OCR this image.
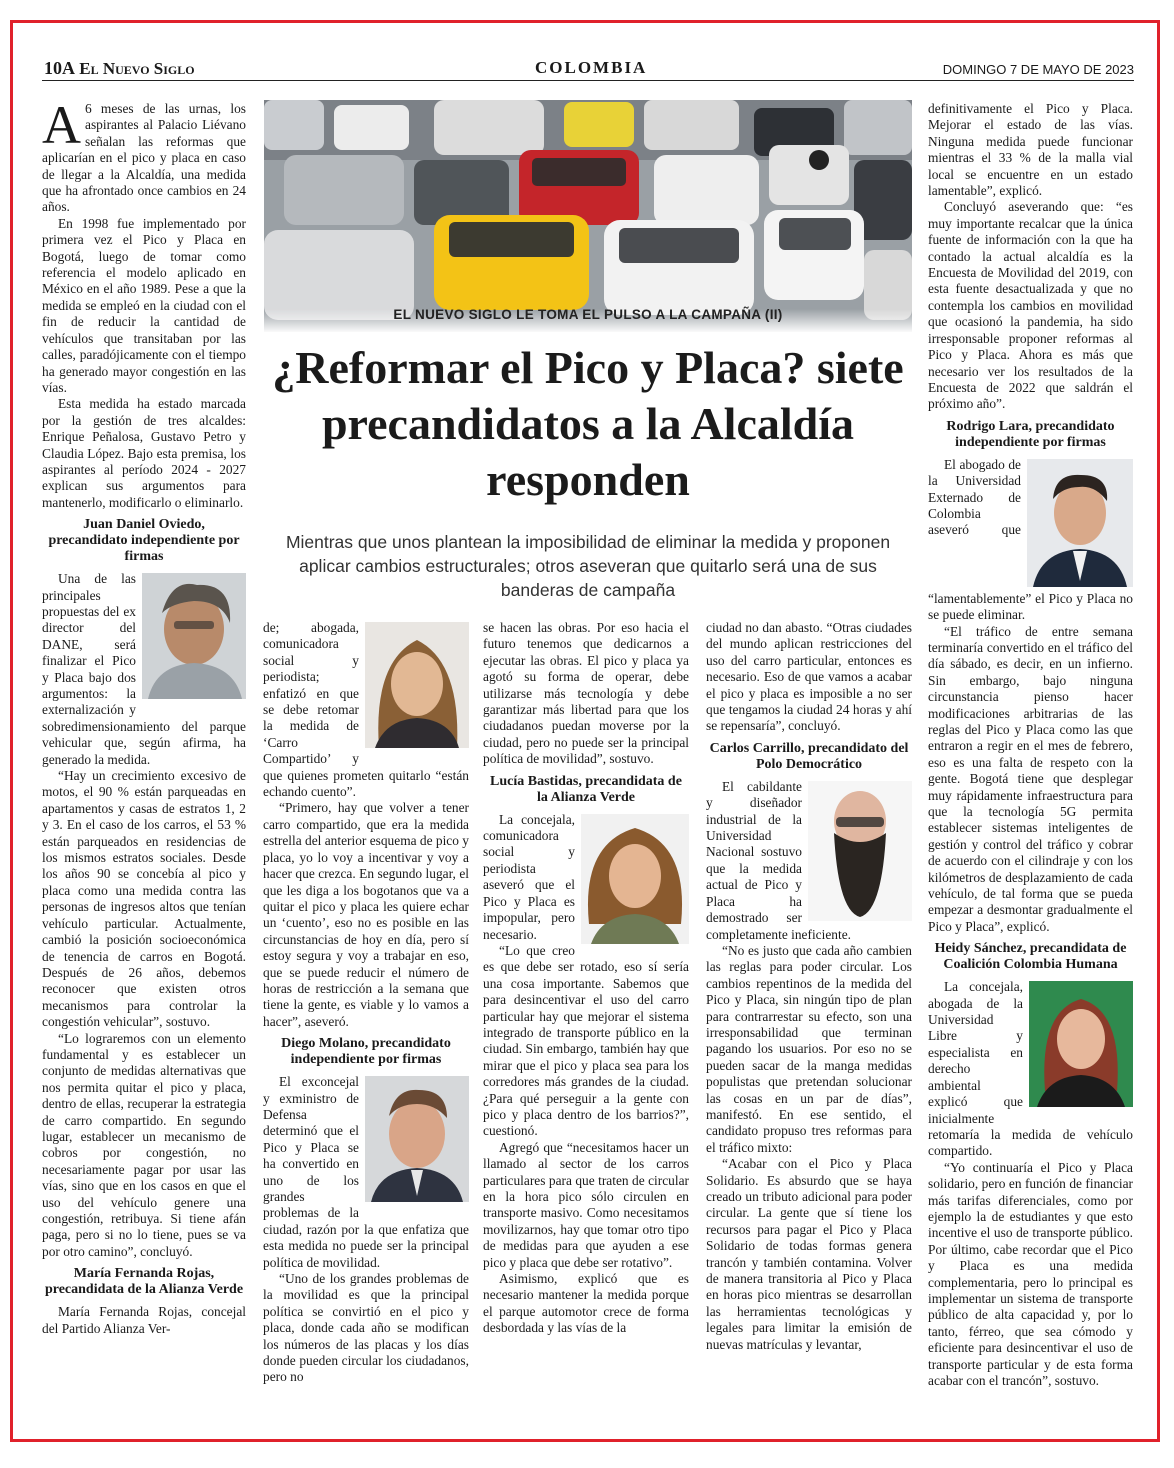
10A El Nuevo Siglo	COLOMBIA	DOMINGO 7 DE MAYO DE 2023
EL NUEVO SIGLO LE TOMA EL PULSO A LA CAMPAÑA (II)
¿Reformar el Pico y Placa? siete precandidatos a la Alcaldía responden
Mientras que unos plantean la imposibilidad de eliminar la medida y proponen aplicar cambios estructurales; otros aseveran que quitarlo será una de sus banderas de campaña
A 6 meses de las urnas, los aspirantes al Palacio Liévano señalan las reformas que aplicarían en el pico y placa en caso de llegar a la Alcaldía, una medida que ha afrontado once cambios en 24 años.

En 1998 fue implementado por primera vez el Pico y Placa en Bogotá, luego de tomar como referencia el modelo aplicado en México en el año 1989. Pese a que la medida se empleó en la ciudad con el fin de reducir la cantidad de vehículos que transitaban por las calles, paradójicamente con el tiempo ha generado mayor congestión en las vías.

Esta medida ha estado marcada por la gestión de tres alcaldes: Enrique Peñalosa, Gustavo Petro y Claudia López. Bajo esta premisa, los aspirantes al período 2024 - 2027 explican sus argumentos para mantenerlo, modificarlo o eliminarlo.

Juan Daniel Oviedo, precandidato independiente por firmas

Una de las principales propuestas del ex director del DANE, será finalizar el Pico y Placa bajo dos argumentos: la externalización y sobredimensionamiento del parque vehicular que, según afirma, ha generado la medida.

“Hay un crecimiento excesivo de motos, el 90 % están parqueadas en apartamentos y casas de estratos 1, 2 y 3. En el caso de los carros, el 53 % están parqueados en residencias de los mismos estratos sociales. Desde los años 90 se concebía al pico y placa como una medida contra las personas de ingresos altos que tenían vehículo particular. Actualmente, cambió la posición socioeconómica de tenencia de carros en Bogotá. Después de 26 años, debemos reconocer que existen otros mecanismos para controlar la congestión vehicular”, sostuvo.

“Lo lograremos con un elemento fundamental y es establecer un conjunto de medidas alternativas que nos permita quitar el pico y placa, dentro de ellas, recuperar la estrategia de carro compartido. En segundo lugar, establecer un mecanismo de cobros por congestión, no necesariamente pagar por usar las vías, sino que en los casos en que el uso del vehículo genere una congestión, retribuya. Si tiene afán paga, pero si no lo tiene, pues se va por otro camino”, concluyó.

María Fernanda Rojas, precandidata de la Alianza Verde

María Fernanda Rojas, concejal del Partido Alianza Ver-

de; abogada, comunicadora social y periodista; enfatizó en que se debe retomar la medida de ‘Carro Compartido’ y que quienes prometen quitarlo “están echando cuento”.

“Primero, hay que volver a tener carro compartido, que era la medida estrella del anterior esquema de pico y placa, yo lo voy a incentivar y voy a hacer que crezca. En segundo lugar, el que les diga a los bogotanos que va a quitar el pico y placa les quiere echar un ‘cuento’, eso no es posible en las circunstancias de hoy en día, pero sí estoy segura y voy a trabajar en eso, que se puede reducir el número de horas de restricción a la semana que tiene la gente, es viable y lo vamos a hacer”, aseveró.

Diego Molano, precandidato independiente por firmas

El exconcejal y exministro de Defensa determinó que el Pico y Placa se ha convertido en uno de los grandes problemas de la ciudad, razón por la que enfatiza que esta medida no puede ser la principal política de movilidad.

“Uno de los grandes problemas de la movilidad es que la principal política se convirtió en el pico y placa, donde cada año se modifican los números de las placas y los días donde pueden circular los ciudadanos, pero no

se hacen las obras. Por eso hacia el futuro tenemos que dedicarnos a ejecutar las obras. El pico y placa ya agotó su forma de operar, debe utilizarse más tecnología y debe garantizar más libertad para que los ciudadanos puedan moverse por la ciudad, pero no puede ser la principal política de movilidad”, sostuvo.

Lucía Bastidas, precandidata de la Alianza Verde

La concejala, comunicadora social y periodista aseveró que el Pico y Placa es impopular, pero necesario.

“Lo que creo es que debe ser rotado, eso sí sería una cosa importante. Sabemos que para desincentivar el uso del carro particular hay que mejorar el sistema integrado de transporte público en la ciudad. Sin embargo, también hay que mirar que el pico y placa sea para los corredores más grandes de la ciudad. ¿Para qué perseguir a la gente con pico y placa dentro de los barrios?”, cuestionó.

Agregó que “necesitamos hacer un llamado al sector de los carros particulares para que traten de circular en la hora pico sólo circulen en transporte masivo. Como necesitamos movilizarnos, hay que tomar otro tipo de medidas para que ayuden a ese pico y placa que debe ser rotativo”.

Asimismo, explicó que es necesario mantener la medida porque el parque automotor crece de forma desbordada y las vías de la

ciudad no dan abasto. “Otras ciudades del mundo aplican restricciones del uso del carro particular, entonces es necesario. Eso de que vamos a acabar el pico y placa es imposible a no ser que tengamos la ciudad 24 horas y ahí se repensaría”, concluyó.

Carlos Carrillo, precandidato del Polo Democrático

El cabildante y diseñador industrial de la Universidad Nacional sostuvo que la medida actual de Pico y Placa ha demostrado ser completamente ineficiente.

“No es justo que cada año cambien las reglas para poder circular. Los cambios repentinos de la medida del Pico y Placa, sin ningún tipo de plan para contrarrestar su efecto, son una irresponsabilidad que terminan pagando los usuarios. Por eso no se pueden sacar de la manga medidas populistas que pretendan solucionar las cosas en un par de días”, manifestó. En ese sentido, el candidato propuso tres reformas para el tráfico mixto:

“Acabar con el Pico y Placa Solidario. Es absurdo que se haya creado un tributo adicional para poder circular. La gente que sí tiene los recursos para pagar el Pico y Placa Solidario de todas formas genera trancón y también contamina. Volver de manera transitoria al Pico y Placa en horas pico mientras se desarrollan las herramientas tecnológicas y legales para limitar la emisión de nuevas matrículas y levantar,

definitivamente el Pico y Placa. Mejorar el estado de las vías. Ninguna medida puede funcionar mientras el 33 % de la malla vial local se encuentre en un estado lamentable”, explicó.

Concluyó aseverando que: “es muy importante recalcar que la única fuente de información con la que ha contado la actual alcaldía es la Encuesta de Movilidad del 2019, con esta fuente desactualizada y que no contempla los cambios en movilidad que ocasionó la pandemia, ha sido irresponsable proponer reformas al Pico y Placa. Ahora es más que necesario ver los resultados de la Encuesta de 2022 que saldrán el próximo año”.

Rodrigo Lara, precandidato independiente por firmas

El abogado de la Universidad Externado de Colombia aseveró que “lamentablemente” el Pico y Placa no se puede eliminar.

“El tráfico de entre semana terminaría convertido en el tráfico del día sábado, es decir, en un infierno. Sin embargo, bajo ninguna circunstancia pienso hacer modificaciones arbitrarias de las reglas del Pico y Placa como las que entraron a regir en el mes de febrero, eso es una falta de respeto con la gente. Bogotá tiene que desplegar muy rápidamente infraestructura para que la tecnología 5G permita establecer sistemas inteligentes de gestión y control del tráfico y cobrar de acuerdo con el cilindraje y con los kilómetros de desplazamiento de cada vehículo, de tal forma que se pueda empezar a desmontar gradualmente el Pico y Placa”, explicó.

Heidy Sánchez, precandidata de Coalición Colombia Humana

La concejala, abogada de la Universidad Libre y especialista en derecho ambiental explicó que inicialmente retomaría la medida de vehículo compartido.

“Yo continuaría el Pico y Placa solidario, pero en función de financiar más tarifas diferenciales, como por ejemplo la de estudiantes y que esto incentive el uso de transporte público. Por último, cabe recordar que el Pico y Placa es una medida complementaria, pero lo principal es implementar un sistema de transporte público de alta capacidad y, por lo tanto, férreo, que sea cómodo y eficiente para desincentivar el uso de transporte particular y de esta forma acabar con el trancón”, sostuvo.
